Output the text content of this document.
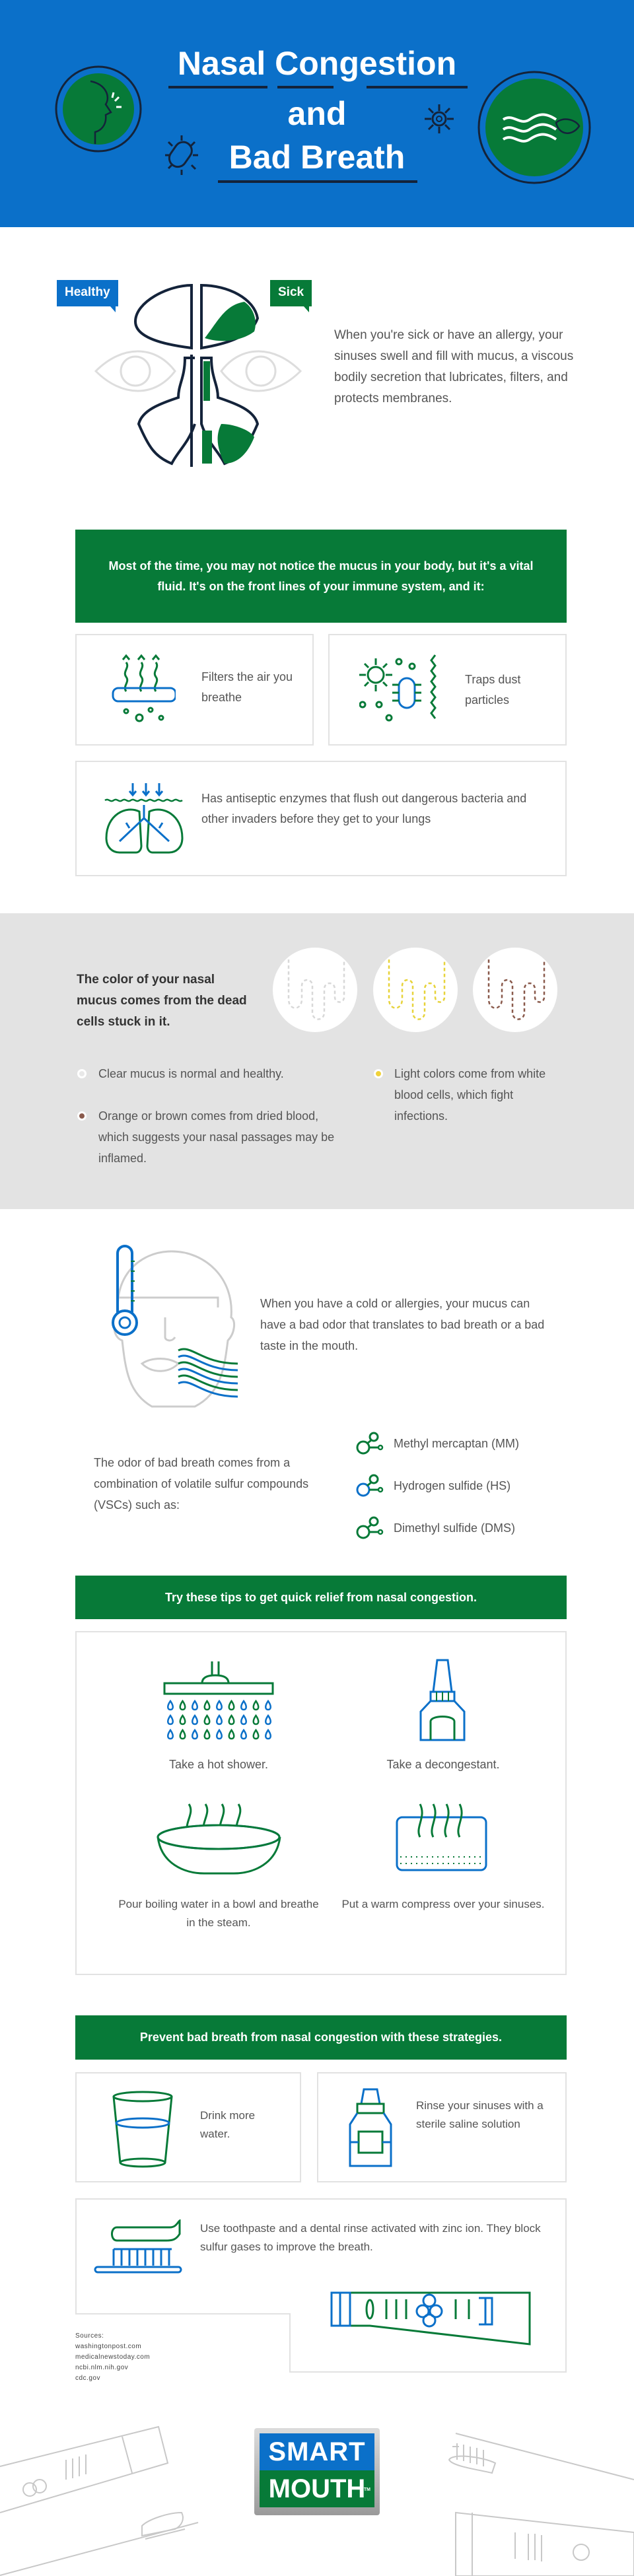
Nasal Congestion
and
Bad Breath
Healthy	Sick
When you're sick or have an allergy, your sinuses swell and fill with mucus, a viscous bodily secretion that lubricates, filters, and protects membranes.
Most of the time, you may not notice the mucus in your body, but it's a vital fluid. It's on the front lines of your immune system, and it:
Filters the air you breathe
Traps dust particles
Has antiseptic enzymes that flush out dangerous bacteria and other invaders before they get to your lungs
The color of your nasal mucus comes from the dead cells stuck in it.
Clear mucus is normal and healthy.
Orange or brown comes from dried blood, which suggests your nasal passages may be inflamed.
Light colors come from white blood cells, which fight infections.
When you have a cold or allergies, your mucus can have a bad odor that translates to bad breath or a bad taste in the mouth.
The odor of bad breath comes from a combination of volatile sulfur compounds (VSCs) such as:
Methyl mercaptan (MM)
Hydrogen sulfide (HS)
Dimethyl sulfide (DMS)
Try these tips to get quick relief from nasal congestion.
Take a hot shower.	Take a decongestant.
Pour boiling water in a bowl and breathe in the steam.
Put a warm compress over your sinuses.
Prevent bad breath from nasal congestion with these strategies.
Drink more water.
Rinse your sinuses with a sterile saline solution
Use toothpaste and a dental rinse activated with zinc ion. They block sulfur gases to improve the breath.
Sources:
washingtonpost.com
medicalnewstoday.com
ncbi.nlm.nih.gov
cdc.gov
SMART
MOUTH
TM
